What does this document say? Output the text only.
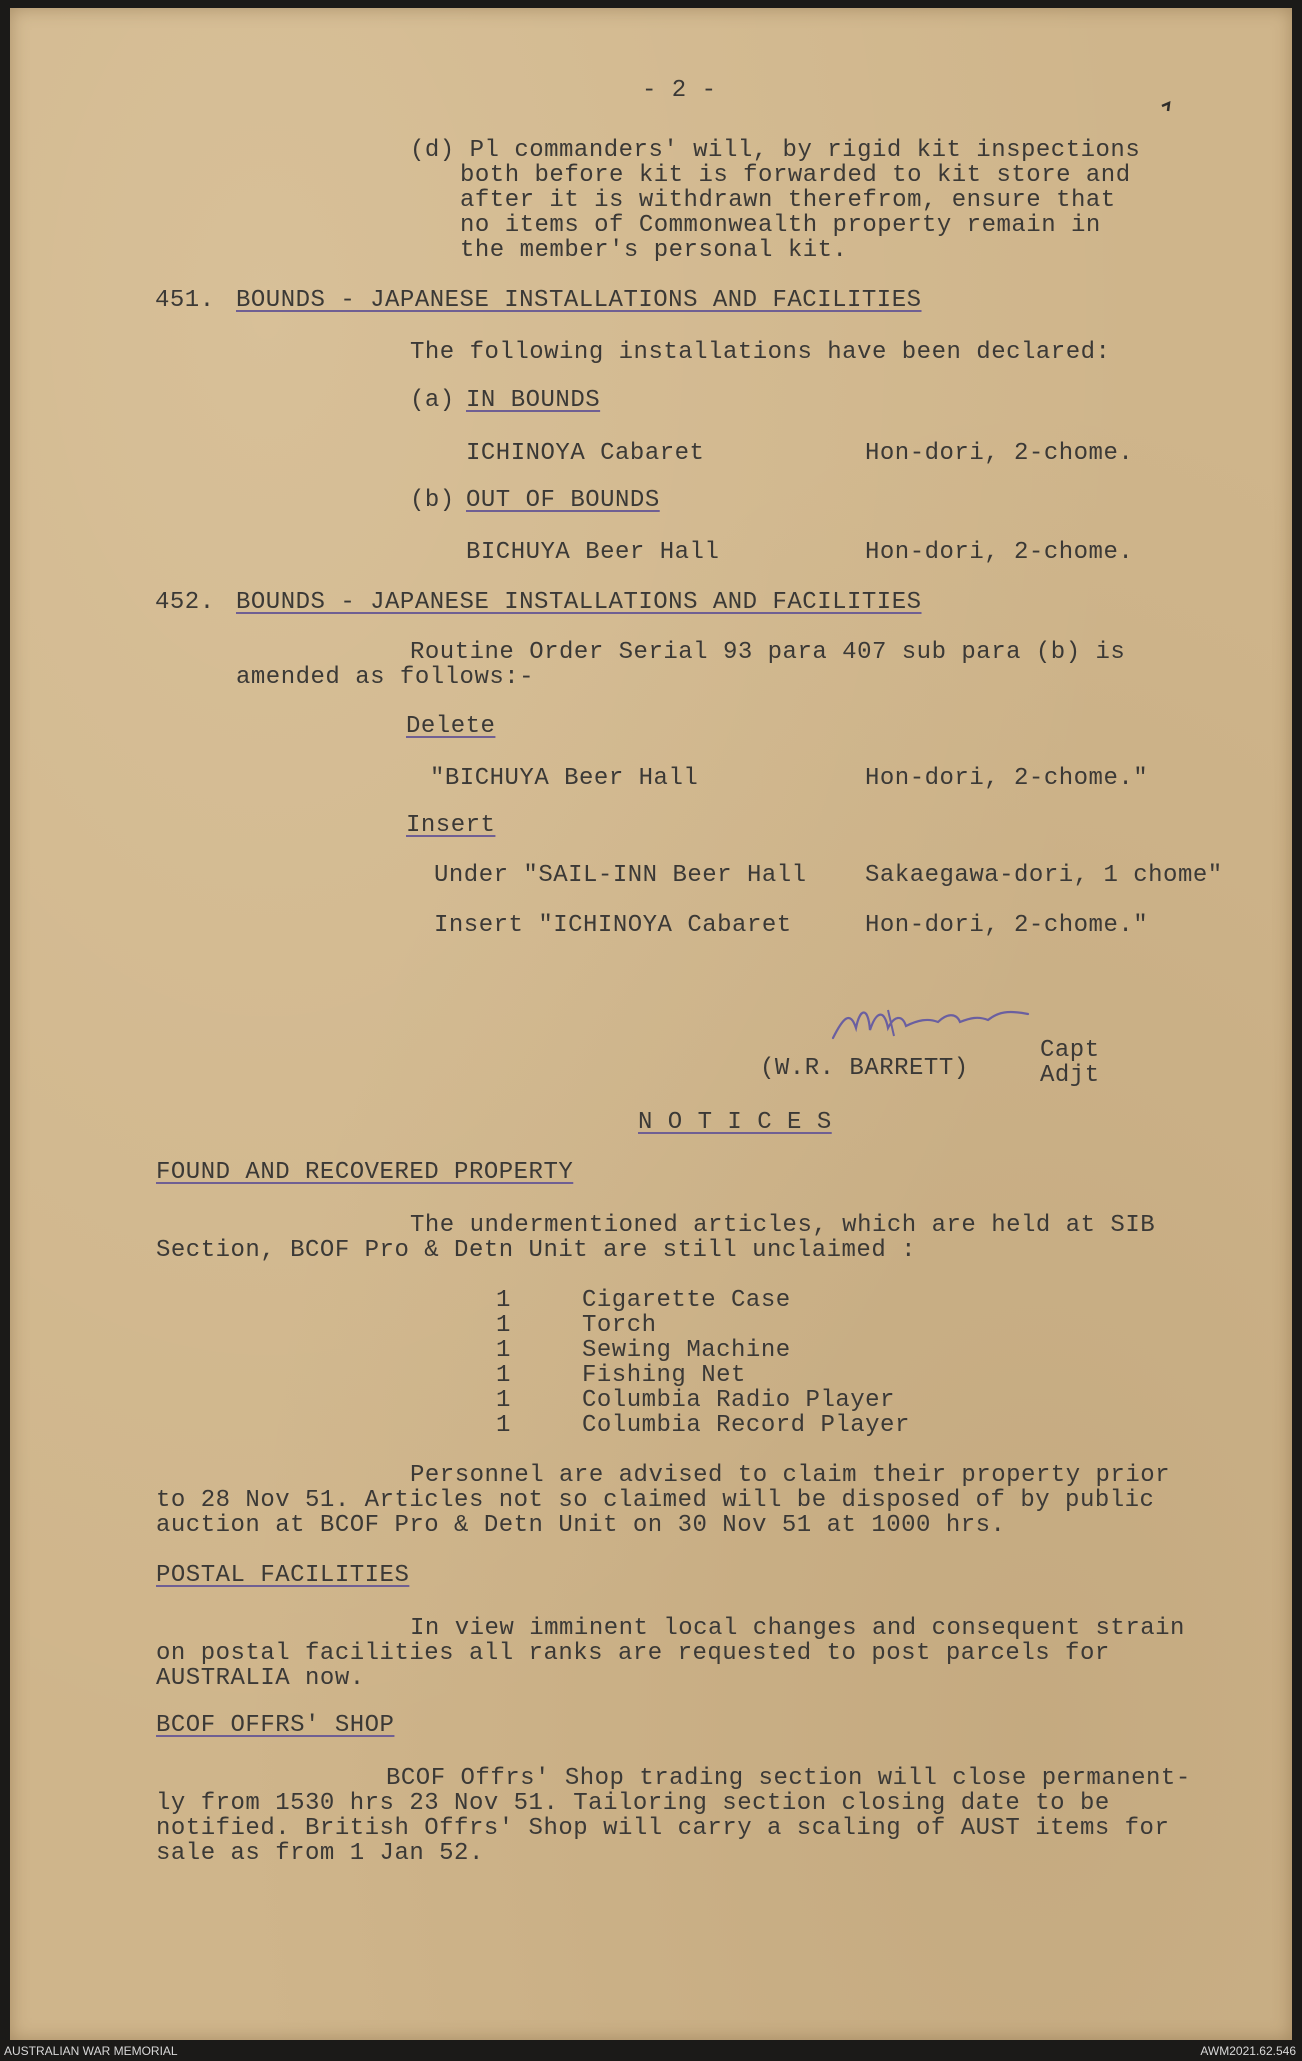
- 2 -
(d) Pl commanders' will, by rigid kit inspections
both before kit is forwarded to kit store and
after it is withdrawn therefrom, ensure that
no items of Commonwealth property remain in
the member's personal kit.
451. BOUNDS - JAPANESE INSTALLATIONS AND FACILITIES
The following installations have been declared:
(a) IN BOUNDS
ICHINOYA Cabaret	Hon-dori, 2-chome.
(b) OUT OF BOUNDS
BICHUYA Beer Hall	Hon-dori, 2-chome.
452. BOUNDS - JAPANESE INSTALLATIONS AND FACILITIES
Routine Order Serial 93 para 407 sub para (b) is
amended as follows:-
Delete
"BICHUYA Beer Hall	Hon-dori, 2-chome."
Insert
Under "SAIL-INN Beer Hall Sakaegawa-dori, 1 chome"
Insert "ICHINOYA Cabaret	Hon-dori, 2-chome."
(W.R. BARRETT)
Capt
Adjt
N O T I C E S
FOUND AND RECOVERED PROPERTY
The undermentioned articles, which are held at SIB
Section, BCOF Pro & Detn Unit are still unclaimed :
1	Cigarette Case
1	Torch
1	Sewing Machine
1	Fishing Net
1	Columbia Radio Player
1	Columbia Record Player
Personnel are advised to claim their property prior
to 28 Nov 51. Articles not so claimed will be disposed of by public
auction at BCOF Pro & Detn Unit on 30 Nov 51 at 1000 hrs.
POSTAL FACILITIES
In view imminent local changes and consequent strain
on postal facilities all ranks are requested to post parcels for
AUSTRALIA now.
BCOF OFFRS' SHOP
BCOF Offrs' Shop trading section will close permanent-
ly from 1530 hrs 23 Nov 51. Tailoring section closing date to be
notified. British Offrs' Shop will carry a scaling of AUST items for
sale as from 1 Jan 52.
AUSTRALIAN WAR MEMORIAL	AWM2021.62.546
